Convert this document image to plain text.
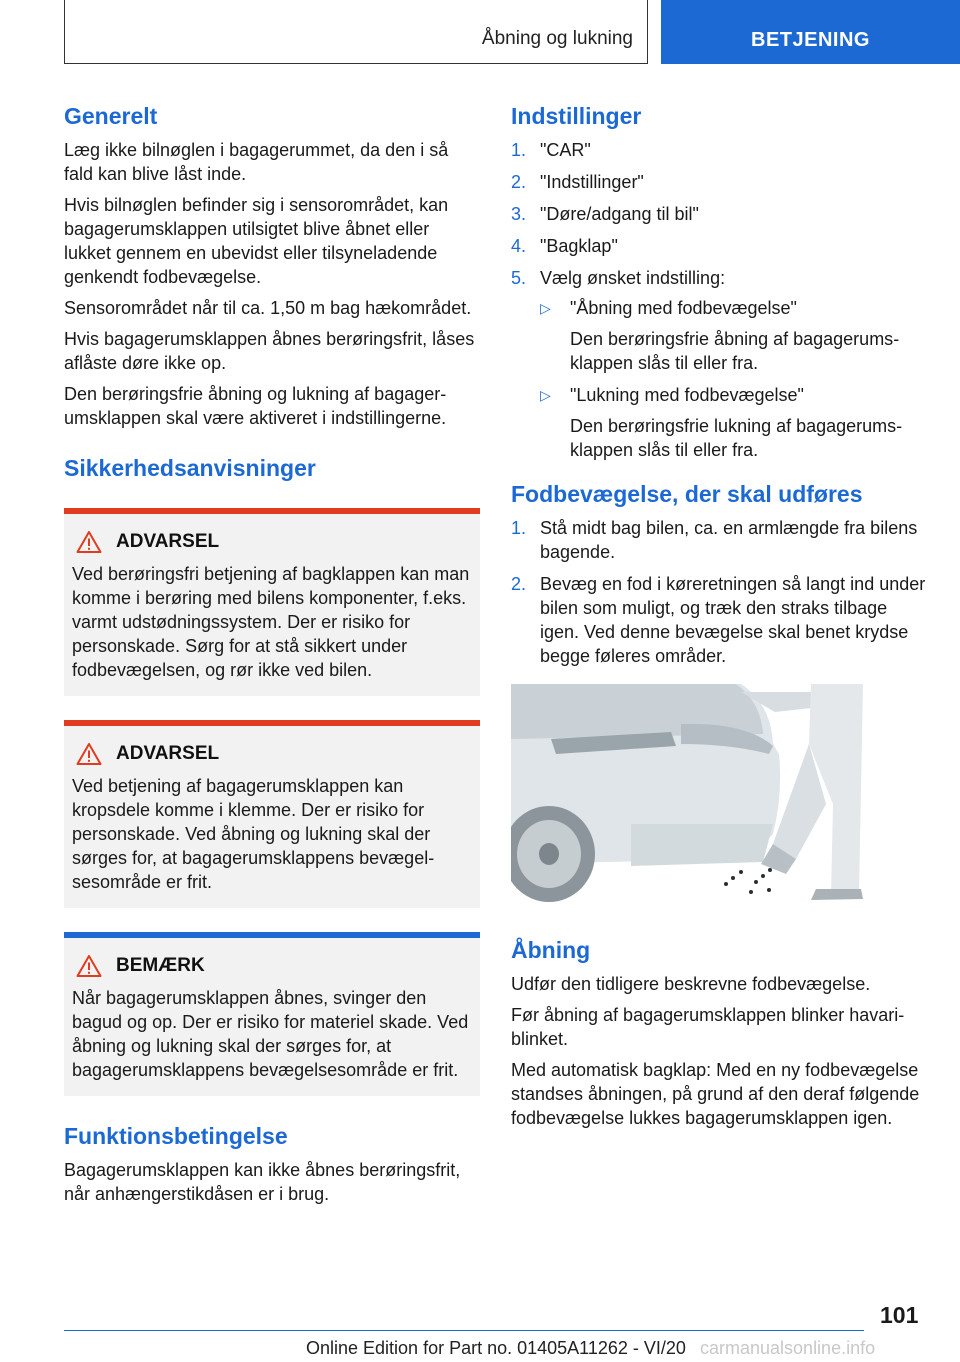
Åbning og lukning	BETJENING
Generelt

Læg ikke bilnøglen i bagagerummet, da den i så fald kan blive låst inde.

Hvis bilnøglen befinder sig i sensorområdet, kan bagagerumsklappen utilsigtet blive åbnet eller lukket gennem en ubevidst eller tilsyneladende genkendt fodbevægelse.

Sensorområdet når til ca. 1,50 m bag hækområdet.

Hvis bagagerumsklappen åbnes berøringsfrit, låses aflåste døre ikke op.

Den berøringsfrie åbning og lukning af bagagerumsklappen skal være aktiveret i indstillingerne.

Sikkerhedsanvisninger
ADVARSEL

Ved berøringsfri betjening af bagklappen kan man komme i berøring med bilens komponenter, f.eks. varmt udstødningssystem. Der er risiko for personskade. Sørg for at stå sikkert under fodbevægelsen, og rør ikke ved bilen.

ADVARSEL

Ved betjening af bagagerumsklappen kan kropsdele komme i klemme. Der er risiko for personskade. Ved åbning og lukning skal der sørges for, at bagagerumsklappens bevægelsesområde er frit.

BEMÆRK

Når bagagerumsklappen åbnes, svinger den bagud og op. Der er risiko for materiel skade. Ved åbning og lukning skal der sørges for, at bagagerumsklappens bevægelsesområde er frit.

Funktionsbetingelse

Bagagerumsklappen kan ikke åbnes berøringsfrit, når anhængerstikdåsen er i brug.

Indstillinger
1. "CAR"
2. "Indstillinger"
3. "Døre/adgang til bil"
4. "Bagklap"
5. Vælg ønsket indstilling:
▷	"Åbning med fodbevægelse"
Den berøringsfrie åbning af bagagerumsklappen slås til eller fra.
▷	"Lukning med fodbevægelse"
Den berøringsfrie lukning af bagagerumsklappen slås til eller fra.
Fodbevægelse, der skal udføres
1. Stå midt bag bilen, ca. en armlængde fra bilens bagende.
2. Bevæg en fod i køreretningen så langt ind under bilen som muligt, og træk den straks tilbage igen. Ved denne bevægelse skal benet krydse begge føleres områder.
Åbning

Udfør den tidligere beskrevne fodbevægelse.

Før åbning af bagagerumsklappen blinker havariblinket.

Med automatisk bagklap: Med en ny fodbevægelse standses åbningen, på grund af den deraf følgende fodbevægelse lukkes bagagerumsklappen igen.

101
Online Edition for Part no. 01405A11262 - VI/20 carmanualsonline.info
